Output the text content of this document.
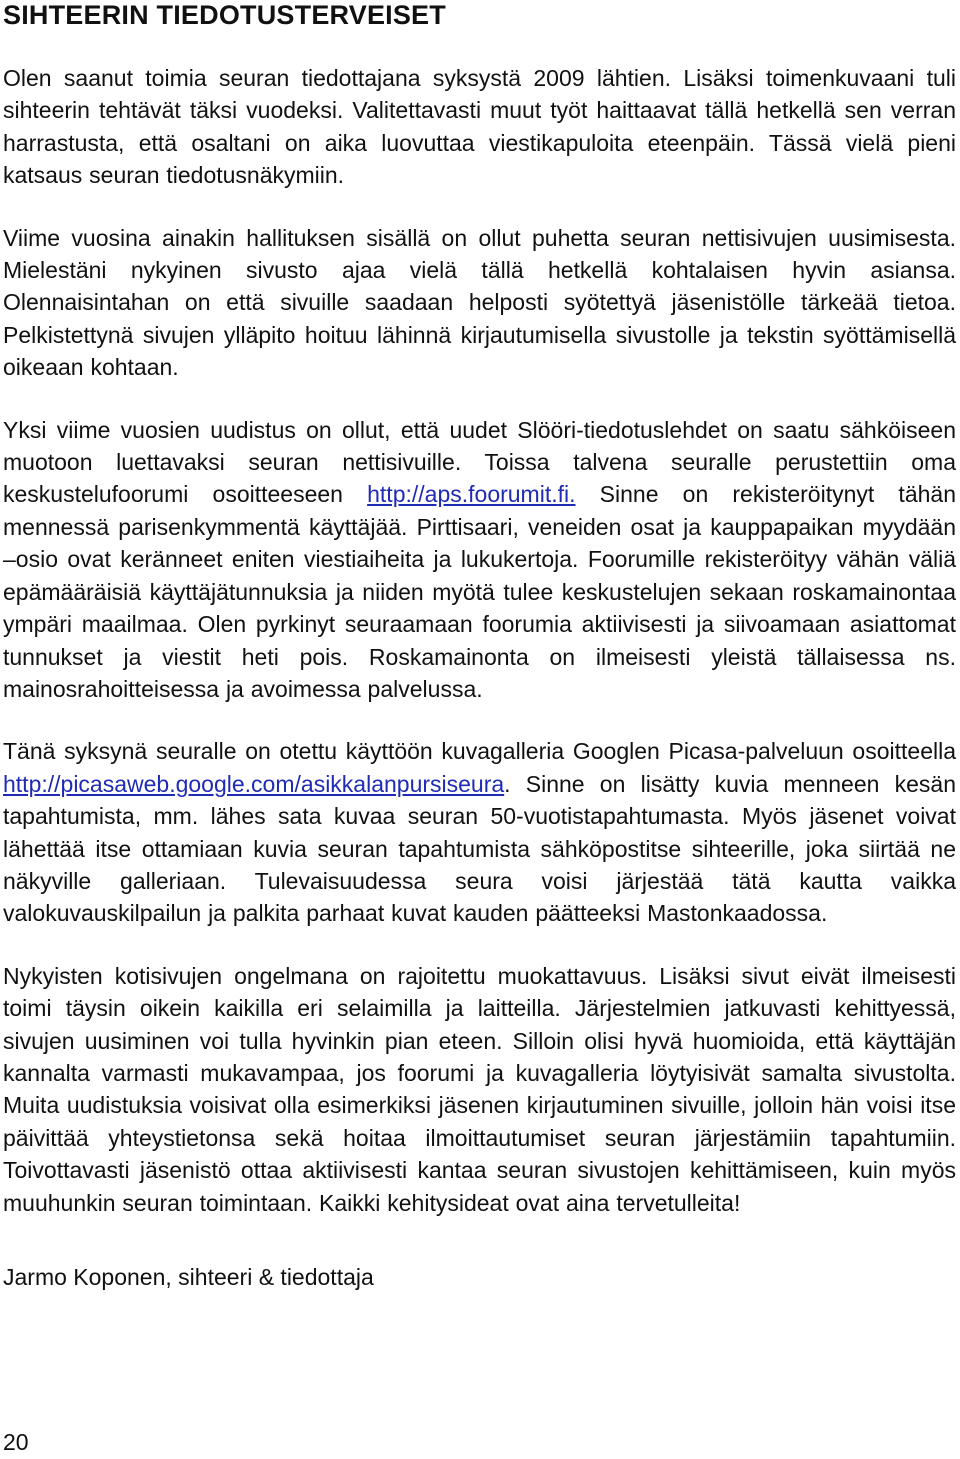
SIHTEERIN TIEDOTUSTERVEISET

Olen saanut toimia seuran tiedottajana syksystä 2009 lähtien. Lisäksi toimenkuvaani tuli sihteerin tehtävät täksi vuodeksi. Valitettavasti muut työt haittaavat tällä hetkellä sen verran harrastusta, että osaltani on aika luovuttaa viestikapuloita eteenpäin. Tässä vielä pieni katsaus seuran tiedotusnäkymiin.

Viime vuosina ainakin hallituksen sisällä on ollut puhetta seuran nettisivujen uusimisesta. Mielestäni nykyinen sivusto ajaa vielä tällä hetkellä kohtalaisen hyvin asiansa. Olennaisintahan on että sivuille saadaan helposti syötettyä jäsenistölle tärkeää tietoa. Pelkistettynä sivujen ylläpito hoituu lähinnä kirjautumisella sivustolle ja tekstin syöttämisellä oikeaan kohtaan.

Yksi viime vuosien uudistus on ollut, että uudet Slööri-tiedotuslehdet on saatu sähköiseen muotoon luettavaksi seuran nettisivuille. Toissa talvena seuralle perustettiin oma keskustelufoorumi osoitteeseen http://aps.foorumit.fi. Sinne on rekisteröitynyt tähän mennessä parisenkymmentä käyttäjää. Pirttisaari, veneiden osat ja kauppapaikan myydään –osio ovat keränneet eniten viestiaiheita ja lukukertoja. Foorumille rekisteröityy vähän väliä epämääräisiä käyttäjätunnuksia ja niiden myötä tulee keskustelujen sekaan roskamainontaa ympäri maailmaa. Olen pyrkinyt seuraamaan foorumia aktiivisesti ja siivoamaan asiattomat tunnukset ja viestit heti pois. Roskamainonta on ilmeisesti yleistä tällaisessa ns. mainosrahoitteisessa ja avoimessa palvelussa.

Tänä syksynä seuralle on otettu käyttöön kuvagalleria Googlen Picasa-palveluun osoitteella http://picasaweb.google.com/asikkalanpursiseura. Sinne on lisätty kuvia menneen kesän tapahtumista, mm. lähes sata kuvaa seuran 50-vuotistapahtumasta. Myös jäsenet voivat lähettää itse ottamiaan kuvia seuran tapahtumista sähköpostitse sihteerille, joka siirtää ne näkyville galleriaan. Tulevaisuudessa seura voisi järjestää tätä kautta vaikka valokuvauskilpailun ja palkita parhaat kuvat kauden päätteeksi Mastonkaadossa.

Nykyisten kotisivujen ongelmana on rajoitettu muokattavuus. Lisäksi sivut eivät ilmeisesti toimi täysin oikein kaikilla eri selaimilla ja laitteilla. Järjestelmien jatkuvasti kehittyessä, sivujen uusiminen voi tulla hyvinkin pian eteen. Silloin olisi hyvä huomioida, että käyttäjän kannalta varmasti mukavampaa, jos foorumi ja kuvagalleria löytyisivät samalta sivustolta. Muita uudistuksia voisivat olla esimerkiksi jäsenen kirjautuminen sivuille, jolloin hän voisi itse päivittää yhteystietonsa sekä hoitaa ilmoittautumiset seuran järjestämiin tapahtumiin. Toivottavasti jäsenistö ottaa aktiivisesti kantaa seuran sivustojen kehittämiseen, kuin myös muuhunkin seuran toimintaan. Kaikki kehitysideat ovat aina tervetulleita!

Jarmo Koponen, sihteeri & tiedottaja

20
